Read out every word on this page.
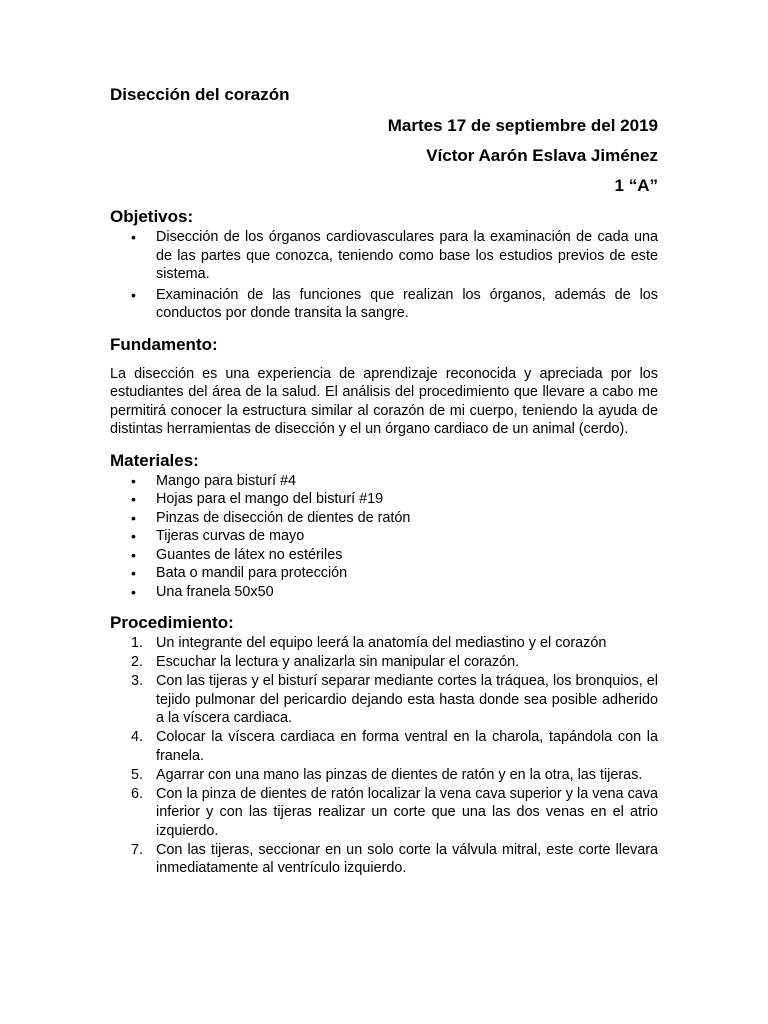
Disección del corazón

Martes 17 de septiembre del 2019

Víctor Aarón Eslava Jiménez

1 “A”

Objetivos:

• Disección de los órganos cardiovasculares para la examinación de cada una de las partes que conozca, teniendo como base los estudios previos de este sistema.
• Examinación de las funciones que realizan los órganos, además de los conductos por donde transita la sangre.

Fundamento:

La disección es una experiencia de aprendizaje reconocida y apreciada por los estudiantes del área de la salud. El análisis del procedimiento que llevare a cabo me permitirá conocer la estructura similar al corazón de mi cuerpo, teniendo la ayuda de distintas herramientas de disección y el un órgano cardiaco de un animal (cerdo).

Materiales:

• Mango para bisturí #4
• Hojas para el mango del bisturí #19
• Pinzas de disección de dientes de ratón
• Tijeras curvas de mayo
• Guantes de látex no estériles
• Bata o mandil para protección
• Una franela 50x50

Procedimiento:

1. Un integrante del equipo leerá la anatomía del mediastino y el corazón
2. Escuchar la lectura y analizarla sin manipular el corazón.
3. Con las tijeras y el bisturí separar mediante cortes la tráquea, los bronquios, el tejido pulmonar del pericardio dejando esta hasta donde sea posible adherido a la víscera cardiaca.
4. Colocar la víscera cardiaca en forma ventral en la charola, tapándola con la franela.
5. Agarrar con una mano las pinzas de dientes de ratón y en la otra, las tijeras.
6. Con la pinza de dientes de ratón localizar la vena cava superior y la vena cava inferior y con las tijeras realizar un corte que una las dos venas en el atrio izquierdo.
7. Con las tijeras, seccionar en un solo corte la válvula mitral, este corte llevara inmediatamente al ventrículo izquierdo.
